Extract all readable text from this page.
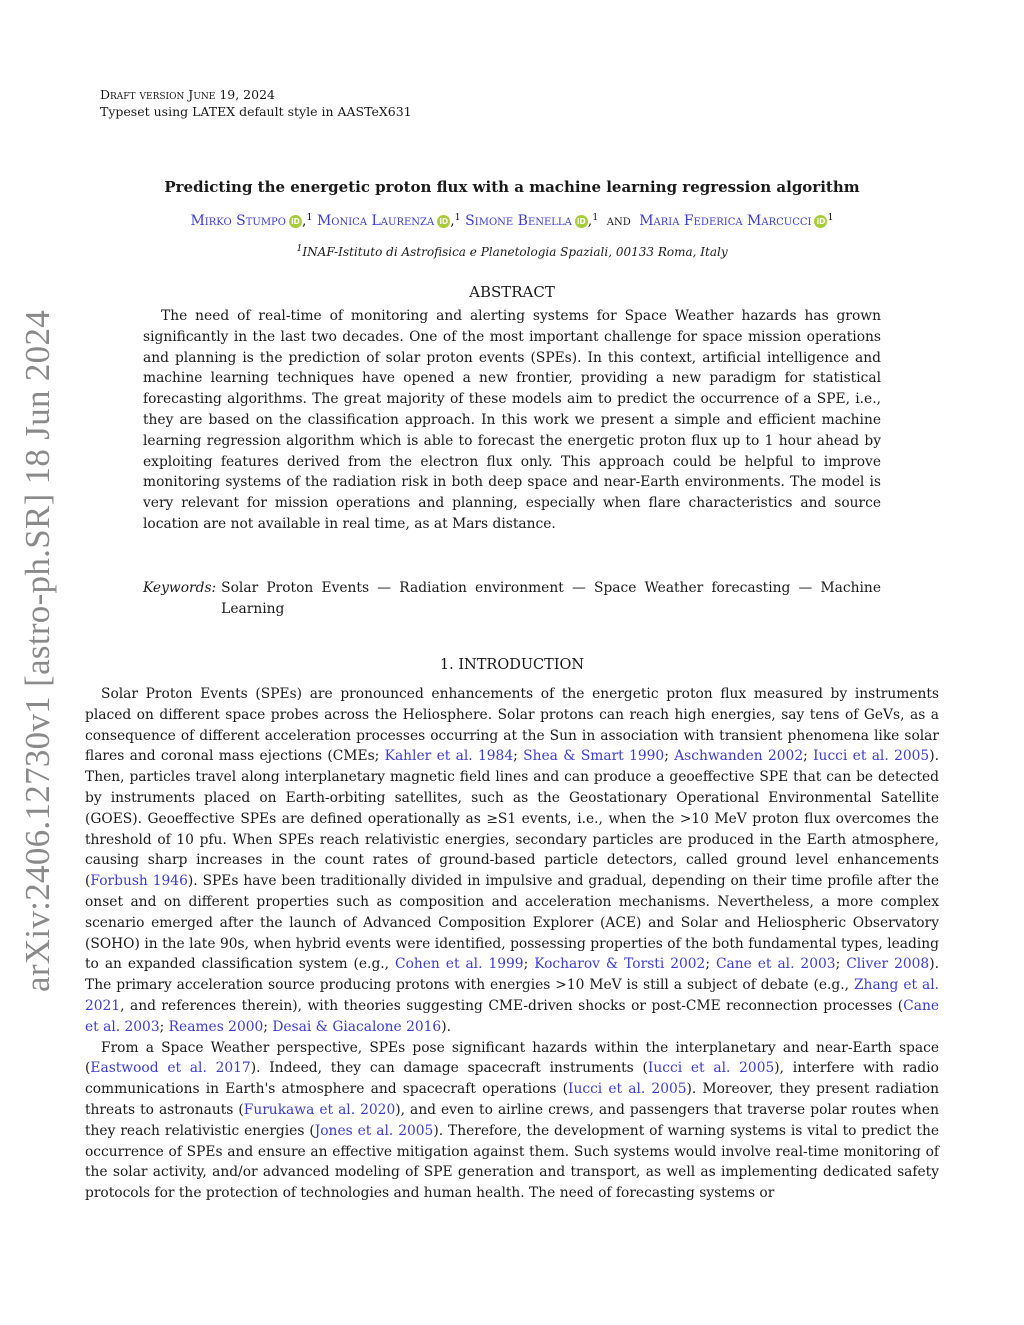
Draft version June 19, 2024
Typeset using LATEX default style in AASTeX631
arXiv:2406.12730v1 [astro-ph.SR] 18 Jun 2024
Predicting the energetic proton flux with a machine learning regression algorithm
Mirko Stumpo iD ,$^1$ Monica Laurenza iD ,$^1$ Simone Benella iD ,$^1$ and Maria Federica Marcucci iD $^1$
$^1$INAF-Istituto di Astrofisica e Planetologia Spaziali, 00133 Roma, Italy
ABSTRACT

The need of real-time of monitoring and alerting systems for Space Weather hazards has grown significantly in the last two decades. One of the most important challenge for space mission operations and planning is the prediction of solar proton events (SPEs). In this context, artificial intelligence and machine learning techniques have opened a new frontier, providing a new paradigm for statistical forecasting algorithms. The great majority of these models aim to predict the occurrence of a SPE, i.e., they are based on the classification approach. In this work we present a simple and efficient machine learning regression algorithm which is able to forecast the energetic proton flux up to 1 hour ahead by exploiting features derived from the electron flux only. This approach could be helpful to improve monitoring systems of the radiation risk in both deep space and near-Earth environments. The model is very relevant for mission operations and planning, especially when flare characteristics and source location are not available in real time, as at Mars distance.

Keywords: Solar Proton Events — Radiation environment — Space Weather forecasting — Machine Learning
1. INTRODUCTION

Solar Proton Events (SPEs) are pronounced enhancements of the energetic proton flux measured by instruments placed on different space probes across the Heliosphere. Solar protons can reach high energies, say tens of GeVs, as a consequence of different acceleration processes occurring at the Sun in association with transient phenomena like solar flares and coronal mass ejections (CMEs; Kahler et al. 1984; Shea & Smart 1990; Aschwanden 2002; Iucci et al. 2005). Then, particles travel along interplanetary magnetic field lines and can produce a geoeffective SPE that can be detected by instruments placed on Earth-orbiting satellites, such as the Geostationary Operational Environmental Satellite (GOES). Geoeffective SPEs are defined operationally as ≥S1 events, i.e., when the >10 MeV proton flux overcomes the threshold of 10 pfu. When SPEs reach relativistic energies, secondary particles are produced in the Earth atmosphere, causing sharp increases in the count rates of ground-based particle detectors, called ground level enhancements (Forbush 1946). SPEs have been traditionally divided in impulsive and gradual, depending on their time profile after the onset and on different properties such as composition and acceleration mechanisms. Nevertheless, a more complex scenario emerged after the launch of Advanced Composition Explorer (ACE) and Solar and Heliospheric Observatory (SOHO) in the late 90s, when hybrid events were identified, possessing properties of the both fundamental types, leading to an expanded classification system (e.g., Cohen et al. 1999; Kocharov & Torsti 2002; Cane et al. 2003; Cliver 2008). The primary acceleration source producing protons with energies >10 MeV is still a subject of debate (e.g., Zhang et al. 2021, and references therein), with theories suggesting CME-driven shocks or post-CME reconnection processes (Cane et al. 2003; Reames 2000; Desai & Giacalone 2016).

From a Space Weather perspective, SPEs pose significant hazards within the interplanetary and near-Earth space (Eastwood et al. 2017). Indeed, they can damage spacecraft instruments (Iucci et al. 2005), interfere with radio communications in Earth's atmosphere and spacecraft operations (Iucci et al. 2005). Moreover, they present radiation threats to astronauts (Furukawa et al. 2020), and even to airline crews, and passengers that traverse polar routes when they reach relativistic energies (Jones et al. 2005). Therefore, the development of warning systems is vital to predict the occurrence of SPEs and ensure an effective mitigation against them. Such systems would involve real-time monitoring of the solar activity, and/or advanced modeling of SPE generation and transport, as well as implementing dedicated safety protocols for the protection of technologies and human health. The need of forecasting systems or
